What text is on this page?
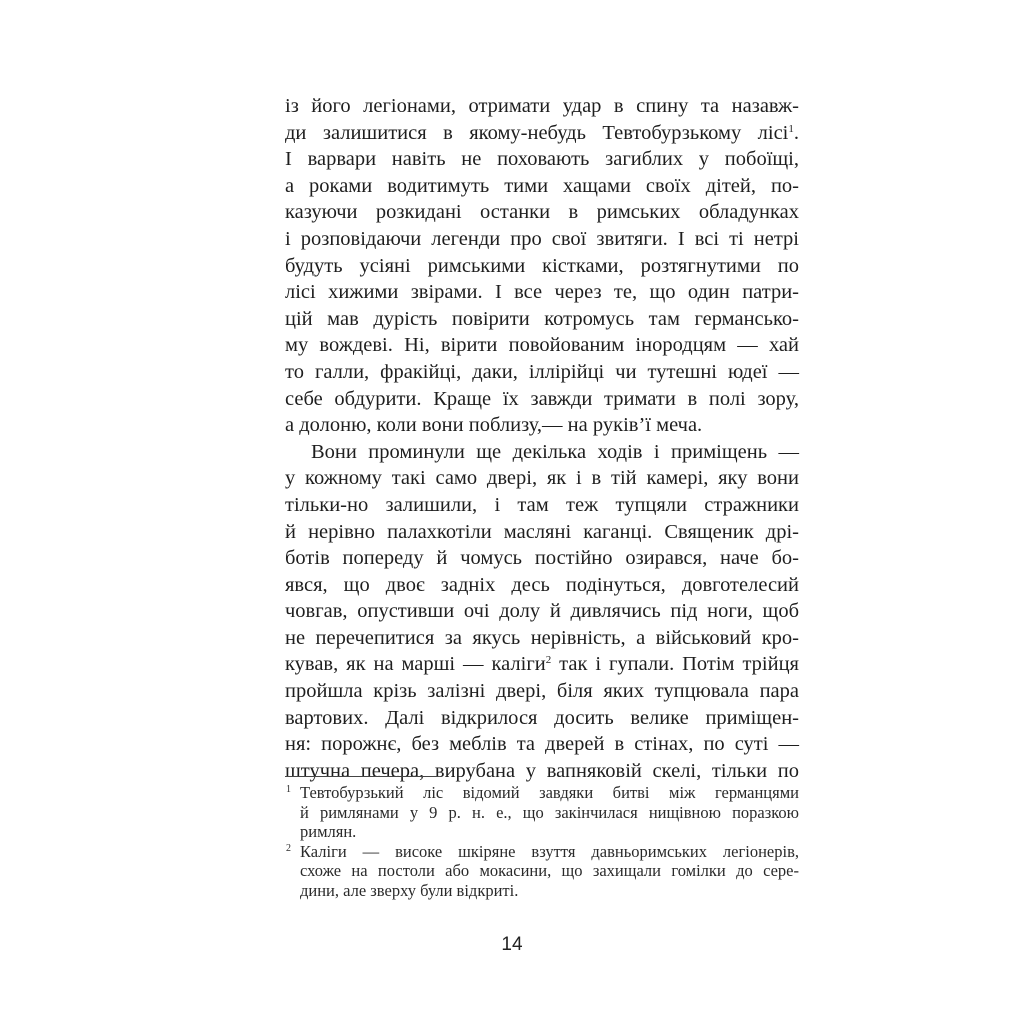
із його легіонами, отримати удар в спину та назавж-
ди залишитися в якому-небудь Тевтобурзькому лісі$^1$.
І варвари навіть не поховають загиблих у побоїщі,
а роками водитимуть тими хащами своїх дітей, по-
казуючи розкидані останки в римських обладунках
і розповідаючи легенди про свої звитяги. І всі ті нетрі
будуть усіяні римськими кістками, розтягнутими по
лісі хижими звірами. І все через те, що один патри-
цій мав дурість повірити котромусь там германсько-
му вождеві. Ні, вірити повойованим інородцям — хай
то галли, фракійці, даки, іллірійці чи тутешні юдеї —
себе обдурити. Краще їх завжди тримати в полі зору,
а долоню, коли вони поблизу,— на руків’ї меча.
Вони проминули ще декілька ходів і приміщень —
у кожному такі само двері, як і в тій камері, яку вони
тільки-но залишили, і там теж тупцяли стражники
й нерівно палахкотіли масляні каганці. Священик дрі-
ботів попереду й чомусь постійно озирався, наче бо-
явся, що двоє задніх десь подінуться, довготелесий
човгав, опустивши очі долу й дивлячись під ноги, щоб
не перечепитися за якусь нерівність, а військовий кро-
кував, як на марші — каліги$^2$ так і гупали. Потім трійця
пройшла крізь залізні двері, біля яких тупцювала пара
вартових. Далі відкрилося досить велике приміщен-
ня: порожнє, без меблів та дверей в стінах, по суті —
штучна печера, вирубана у вапняковій скелі, тільки по
1 Тевтобурзький ліс відомий завдяки битві між германцями
й римлянами у 9 р. н. е., що закінчилася нищівною поразкою
римлян.
2 Каліги — високе шкіряне взуття давньоримських легіонерів,
схоже на постоли або мокасини, що захищали гомілки до сере-
дини, але зверху були відкриті.
14
